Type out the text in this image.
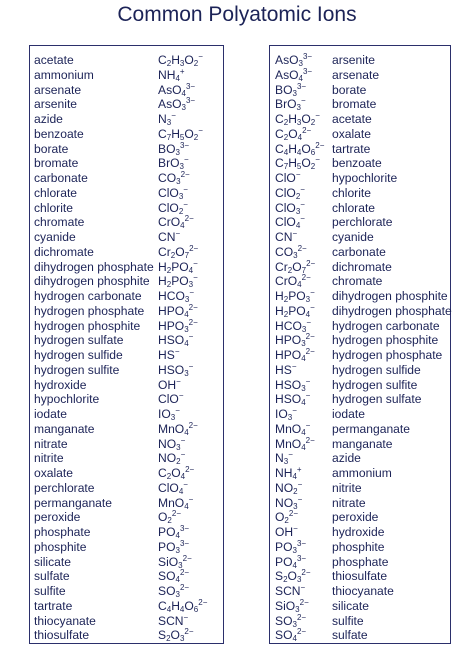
Common Polyatomic Ions
acetate	$C_2H_3O_2^-$
ammonium	$NH_4^+$
arsenate	AsO$_4^{3-}$
arsenite	AsO$_3^{3-}$
azide	$N_3^-$
benzoate	$C_7H_5O_2^-$
borate	$BO_3^{3-}$
bromate	BrO$_3$−
carbonate	$CO_3^{2-}$
chlorate	ClO$_3$−
chlorite	ClO$_2$−
chromate	CrO$_4^{2-}$
cyanide	CN−
dichromate	$Cr_2O_7^{2-}$
dihydrogen phosphate $H_2PO_4^-$
dihydrogen phosphite $H_2PO_3^-$
hydrogen carbonate $HCO_3^-$
hydrogen phosphate $HPO_4^{2-}$
hydrogen phosphite $HPO_3^{2-}$
hydrogen sulfate	$HSO_4^-$
hydrogen sulfide	HS−
hydrogen sulfite	$HSO_3^-$
hydroxide	OH−
hypochlorite	ClO−
iodate	$IO_3^-$
manganate	MnO$_4^{2-}$
nitrate	$NO_3^-$
nitrite	$NO_2^-$
oxalate	$C_2O_4^{2-}$
perchlorate	ClO$_4$−
permanganate	MnO$_4$−
peroxide	$O_2^{2-}$
phosphate	$PO_4^{3-}$
phosphite	$PO_3^{3-}$
silicate	SiO$_3^{2-}$
sulfate	$SO_4^{2-}$
sulfite	$SO_3^{2-}$
tartrate	$C_4H_4O_6^{2-}$
thiocyanate	SCN−
thiosulfate	$S_2O_3^{2-}$
AsO$_3^{3-}$ arsenite
AsO$_4^{3-}$ arsenate
$BO_3^{3-}$ borate
BrO$_3$− bromate
$C_2H_3O_2^-$ acetate
$C_2O_4^{2-}$ oxalate
$C_4H_4O_6^{2-}$ tartrate
$C_7H_5O_2^-$ benzoate
ClO−	hypochlorite
ClO$_2$− chlorite
ClO$_3$− chlorate
ClO$_4$− perchlorate
CN−	cyanide
$CO_3^{2-}$ carbonate
$Cr_2O_7^{2-}$ dichromate
CrO$_4^{2-}$ chromate
$H_2PO_3^-$ dihydrogen phosphite
$H_2PO_4^-$ dihydrogen phosphate
$HCO_3^-$ hydrogen carbonate
$HPO_3^{2-}$ hydrogen phosphite
$HPO_4^{2-}$ hydrogen phosphate
HS−	hydrogen sulfide
$HSO_3^-$ hydrogen sulfite
$HSO_4^-$ hydrogen sulfate
$IO_3^-$	iodate
MnO$_4$− permanganate
MnO$_4^{2-}$ manganate
$N_3^-$	azide
$NH_4^+$	ammonium
$NO_2^-$ nitrite
$NO_3^-$ nitrate
$O_2^{2-}$	peroxide
OH−	hydroxide
$PO_3^{3-}$ phosphite
$PO_4^{3-}$ phosphate
$S_2O_3^{2-}$ thiosulfate
SCN− thiocyanate
SiO$_3^{2-}$ silicate
$SO_3^{2-}$ sulfite
$SO_4^{2-}$ sulfate
